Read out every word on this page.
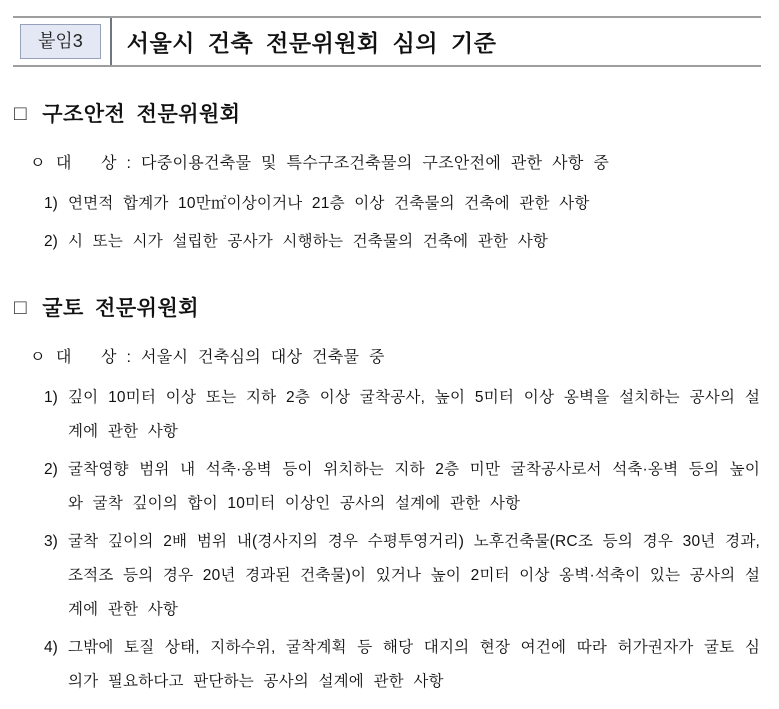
붙임3	서울시 건축 전문위원회 심의 기준
□ 구조안전 전문위원회
ㅇ 대   상 : 다중이용건축물 및 특수구조건축물의 구조안전에 관한 사항 중
1) 연면적 합계가 10만㎡이상이거나 21층 이상 건축물의 건축에 관한 사항
2) 시 또는 시가 설립한 공사가 시행하는 건축물의 건축에 관한 사항
□ 굴토 전문위원회
ㅇ 대   상 : 서울시 건축심의 대상 건축물 중
1) 깊이 10미터 이상 또는 지하 2층 이상 굴착공사, 높이 5미터 이상 옹벽을 설치하는 공사의 설계에 관한 사항
2) 굴착영향 범위 내 석축·옹벽 등이 위치하는 지하 2층 미만 굴착공사로서 석축·옹벽 등의 높이와 굴착 깊이의 합이 10미터 이상인 공사의 설계에 관한 사항
3) 굴착 깊이의 2배 범위 내(경사지의 경우 수평투영거리) 노후건축물(RC조 등의 경우 30년 경과, 조적조 등의 경우 20년 경과된 건축물)이 있거나 높이 2미터 이상 옹벽·석축이 있는 공사의 설계에 관한 사항
4) 그밖에 토질 상태, 지하수위, 굴착계획 등 해당 대지의 현장 여건에 따라 허가권자가 굴토 심의가 필요하다고 판단하는 공사의 설계에 관한 사항
